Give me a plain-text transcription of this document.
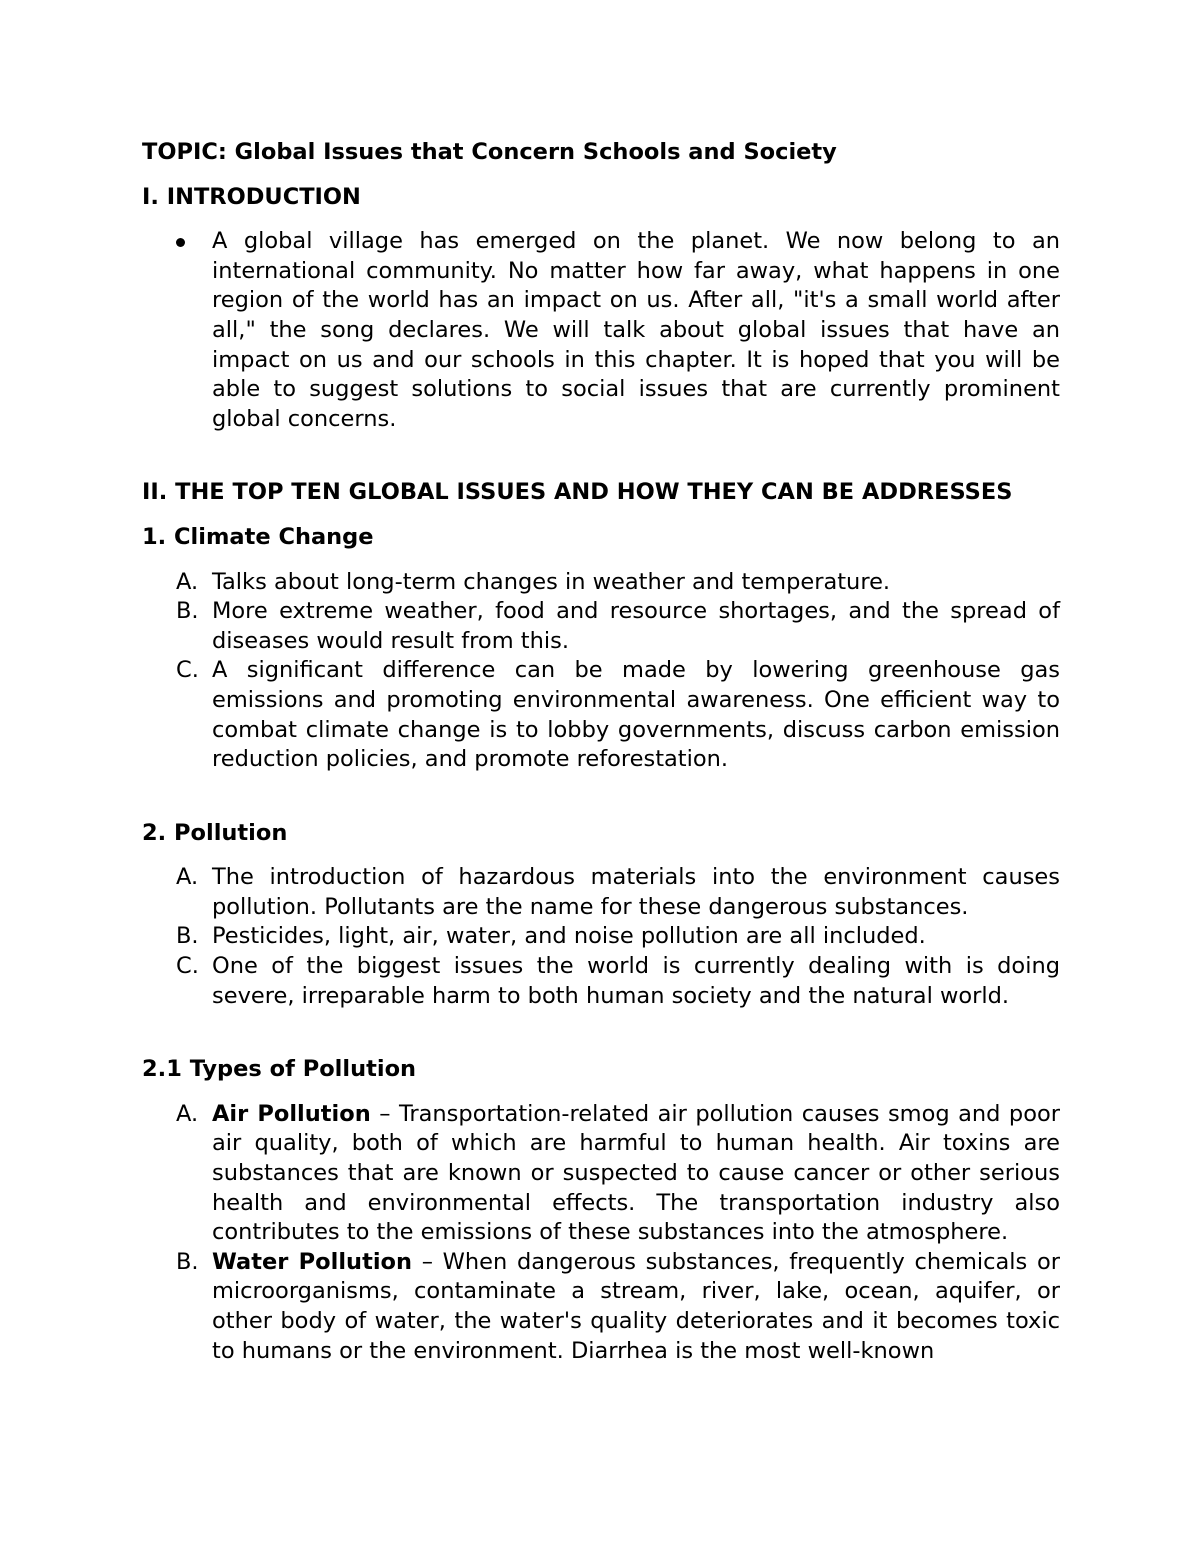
TOPIC: Global Issues that Concern Schools and Society

I. INTRODUCTION

A global village has emerged on the planet. We now belong to an international community. No matter how far away, what happens in one region of the world has an impact on us. After all, "it's a small world after all," the song declares. We will talk about global issues that have an impact on us and our schools in this chapter. It is hoped that you will be able to suggest solutions to social issues that are currently prominent global concerns.

II. THE TOP TEN GLOBAL ISSUES AND HOW THEY CAN BE ADDRESSES

1. Climate Change

A. Talks about long-term changes in weather and temperature.
B. More extreme weather, food and resource shortages, and the spread of diseases would result from this.
C. A significant difference can be made by lowering greenhouse gas emissions and promoting environmental awareness. One efficient way to combat climate change is to lobby governments, discuss carbon emission reduction policies, and promote reforestation.

2. Pollution

A. The introduction of hazardous materials into the environment causes pollution. Pollutants are the name for these dangerous substances.
B. Pesticides, light, air, water, and noise pollution are all included.
C. One of the biggest issues the world is currently dealing with is doing severe, irreparable harm to both human society and the natural world.

2.1 Types of Pollution

A. Air Pollution – Transportation-related air pollution causes smog and poor air quality, both of which are harmful to human health. Air toxins are substances that are known or suspected to cause cancer or other serious health and environmental effects. The transportation industry also contributes to the emissions of these substances into the atmosphere.
B. Water Pollution – When dangerous substances, frequently chemicals or microorganisms, contaminate a stream, river, lake, ocean, aquifer, or other body of water, the water's quality deteriorates and it becomes toxic to humans or the environment. Diarrhea is the most well-known
